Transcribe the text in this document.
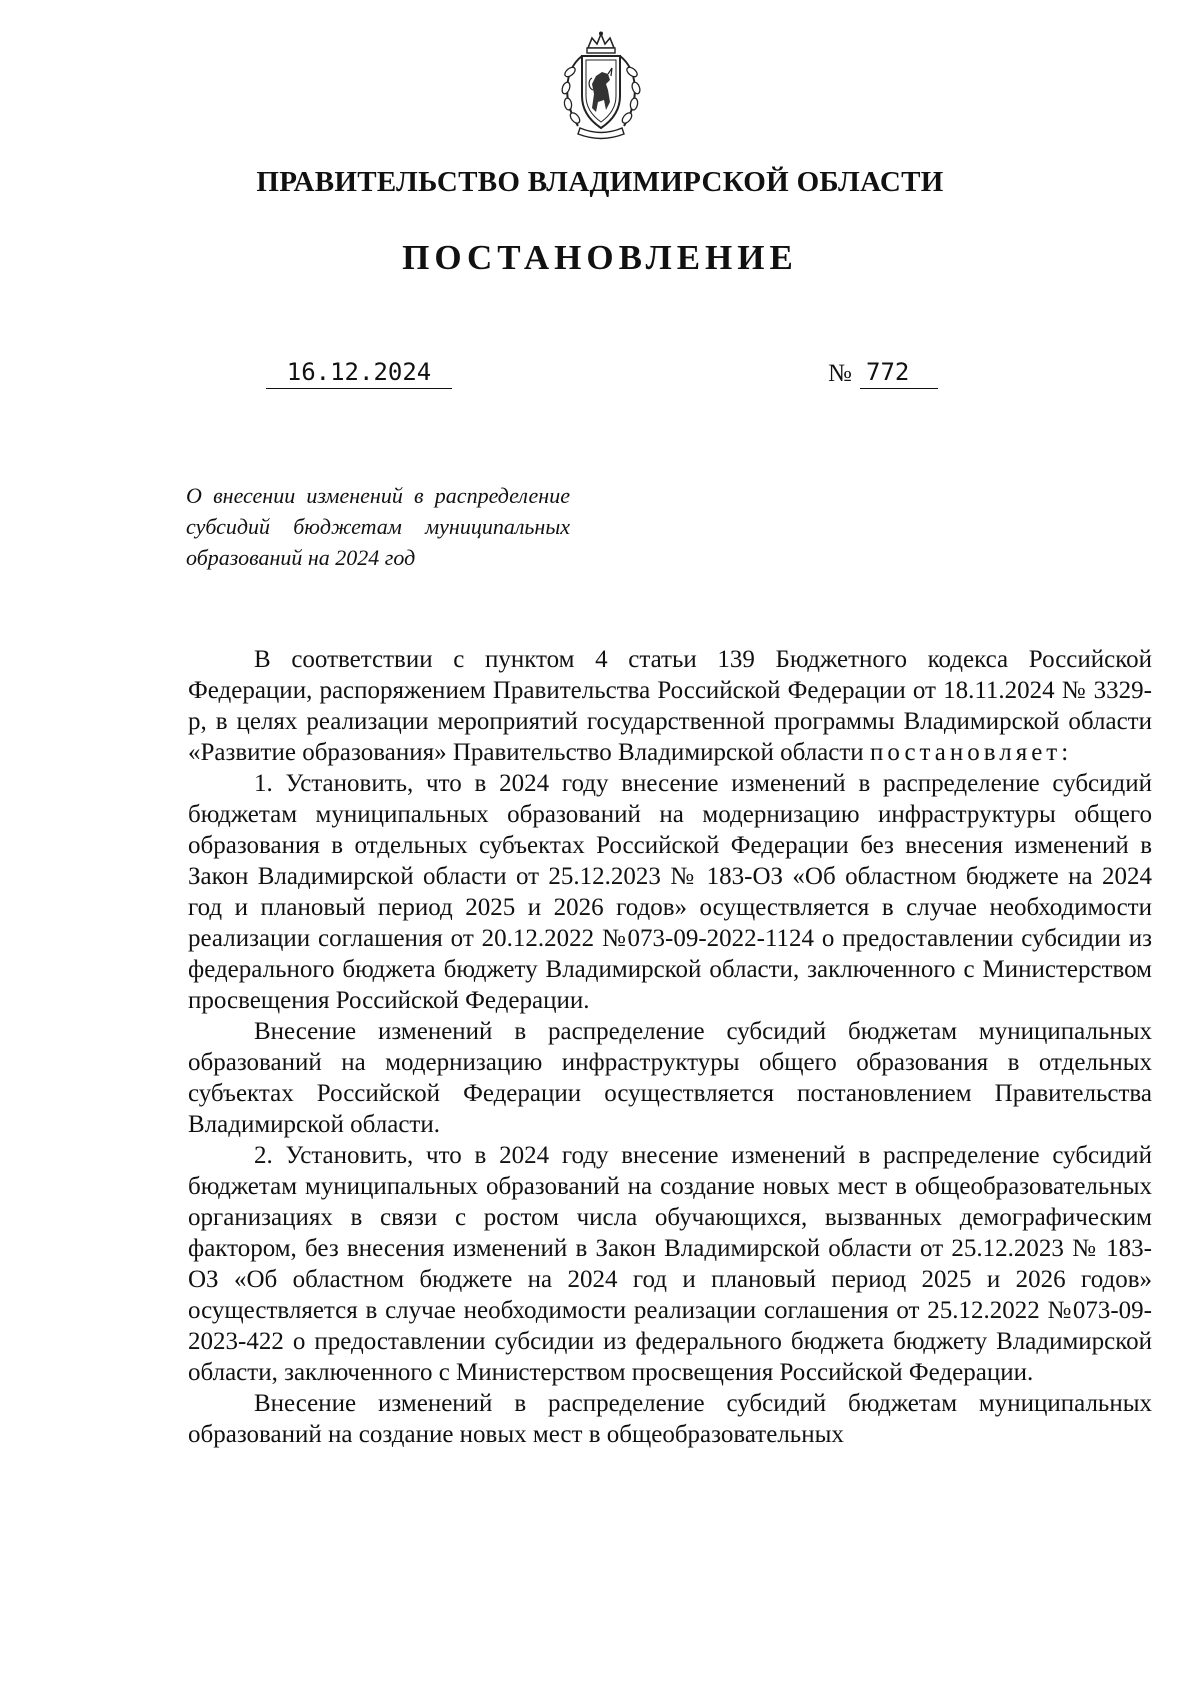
ПРАВИТЕЛЬСТВО ВЛАДИМИРСКОЙ ОБЛАСТИ
ПОСТАНОВЛЕНИЕ
16.12.2024	№ 772
О внесении изменений в распределение субсидий бюджетам муниципальных образований на 2024 год

В соответствии с пунктом 4 статьи 139 Бюджетного кодекса Российской Федерации, распоряжением Правительства Российской Федерации от 18.11.2024 № 3329-р, в целях реализации мероприятий государственной программы Владимирской области «Развитие образования» Правительство Владимирской области постановляет:

1. Установить, что в 2024 году внесение изменений в распределение субсидий бюджетам муниципальных образований на модернизацию инфраструктуры общего образования в отдельных субъектах Российской Федерации без внесения изменений в Закон Владимирской области от 25.12.2023 № 183-ОЗ «Об областном бюджете на 2024 год и плановый период 2025 и 2026 годов» осуществляется в случае необходимости реализации соглашения от 20.12.2022 №073-09-2022-1124 о предоставлении субсидии из федерального бюджета бюджету Владимирской области, заключенного с Министерством просвещения Российской Федерации.

Внесение изменений в распределение субсидий бюджетам муниципальных образований на модернизацию инфраструктуры общего образования в отдельных субъектах Российской Федерации осуществляется постановлением Правительства Владимирской области.

2. Установить, что в 2024 году внесение изменений в распределение субсидий бюджетам муниципальных образований на создание новых мест в общеобразовательных организациях в связи с ростом числа обучающихся, вызванных демографическим фактором, без внесения изменений в Закон Владимирской области от 25.12.2023 № 183-ОЗ «Об областном бюджете на 2024 год и плановый период 2025 и 2026 годов» осуществляется в случае необходимости реализации соглашения от 25.12.2022 №073-09-2023-422 о предоставлении субсидии из федерального бюджета бюджету Владимирской области, заключенного с Министерством просвещения Российской Федерации.

Внесение изменений в распределение субсидий бюджетам муниципальных образований на создание новых мест в общеобразовательных
